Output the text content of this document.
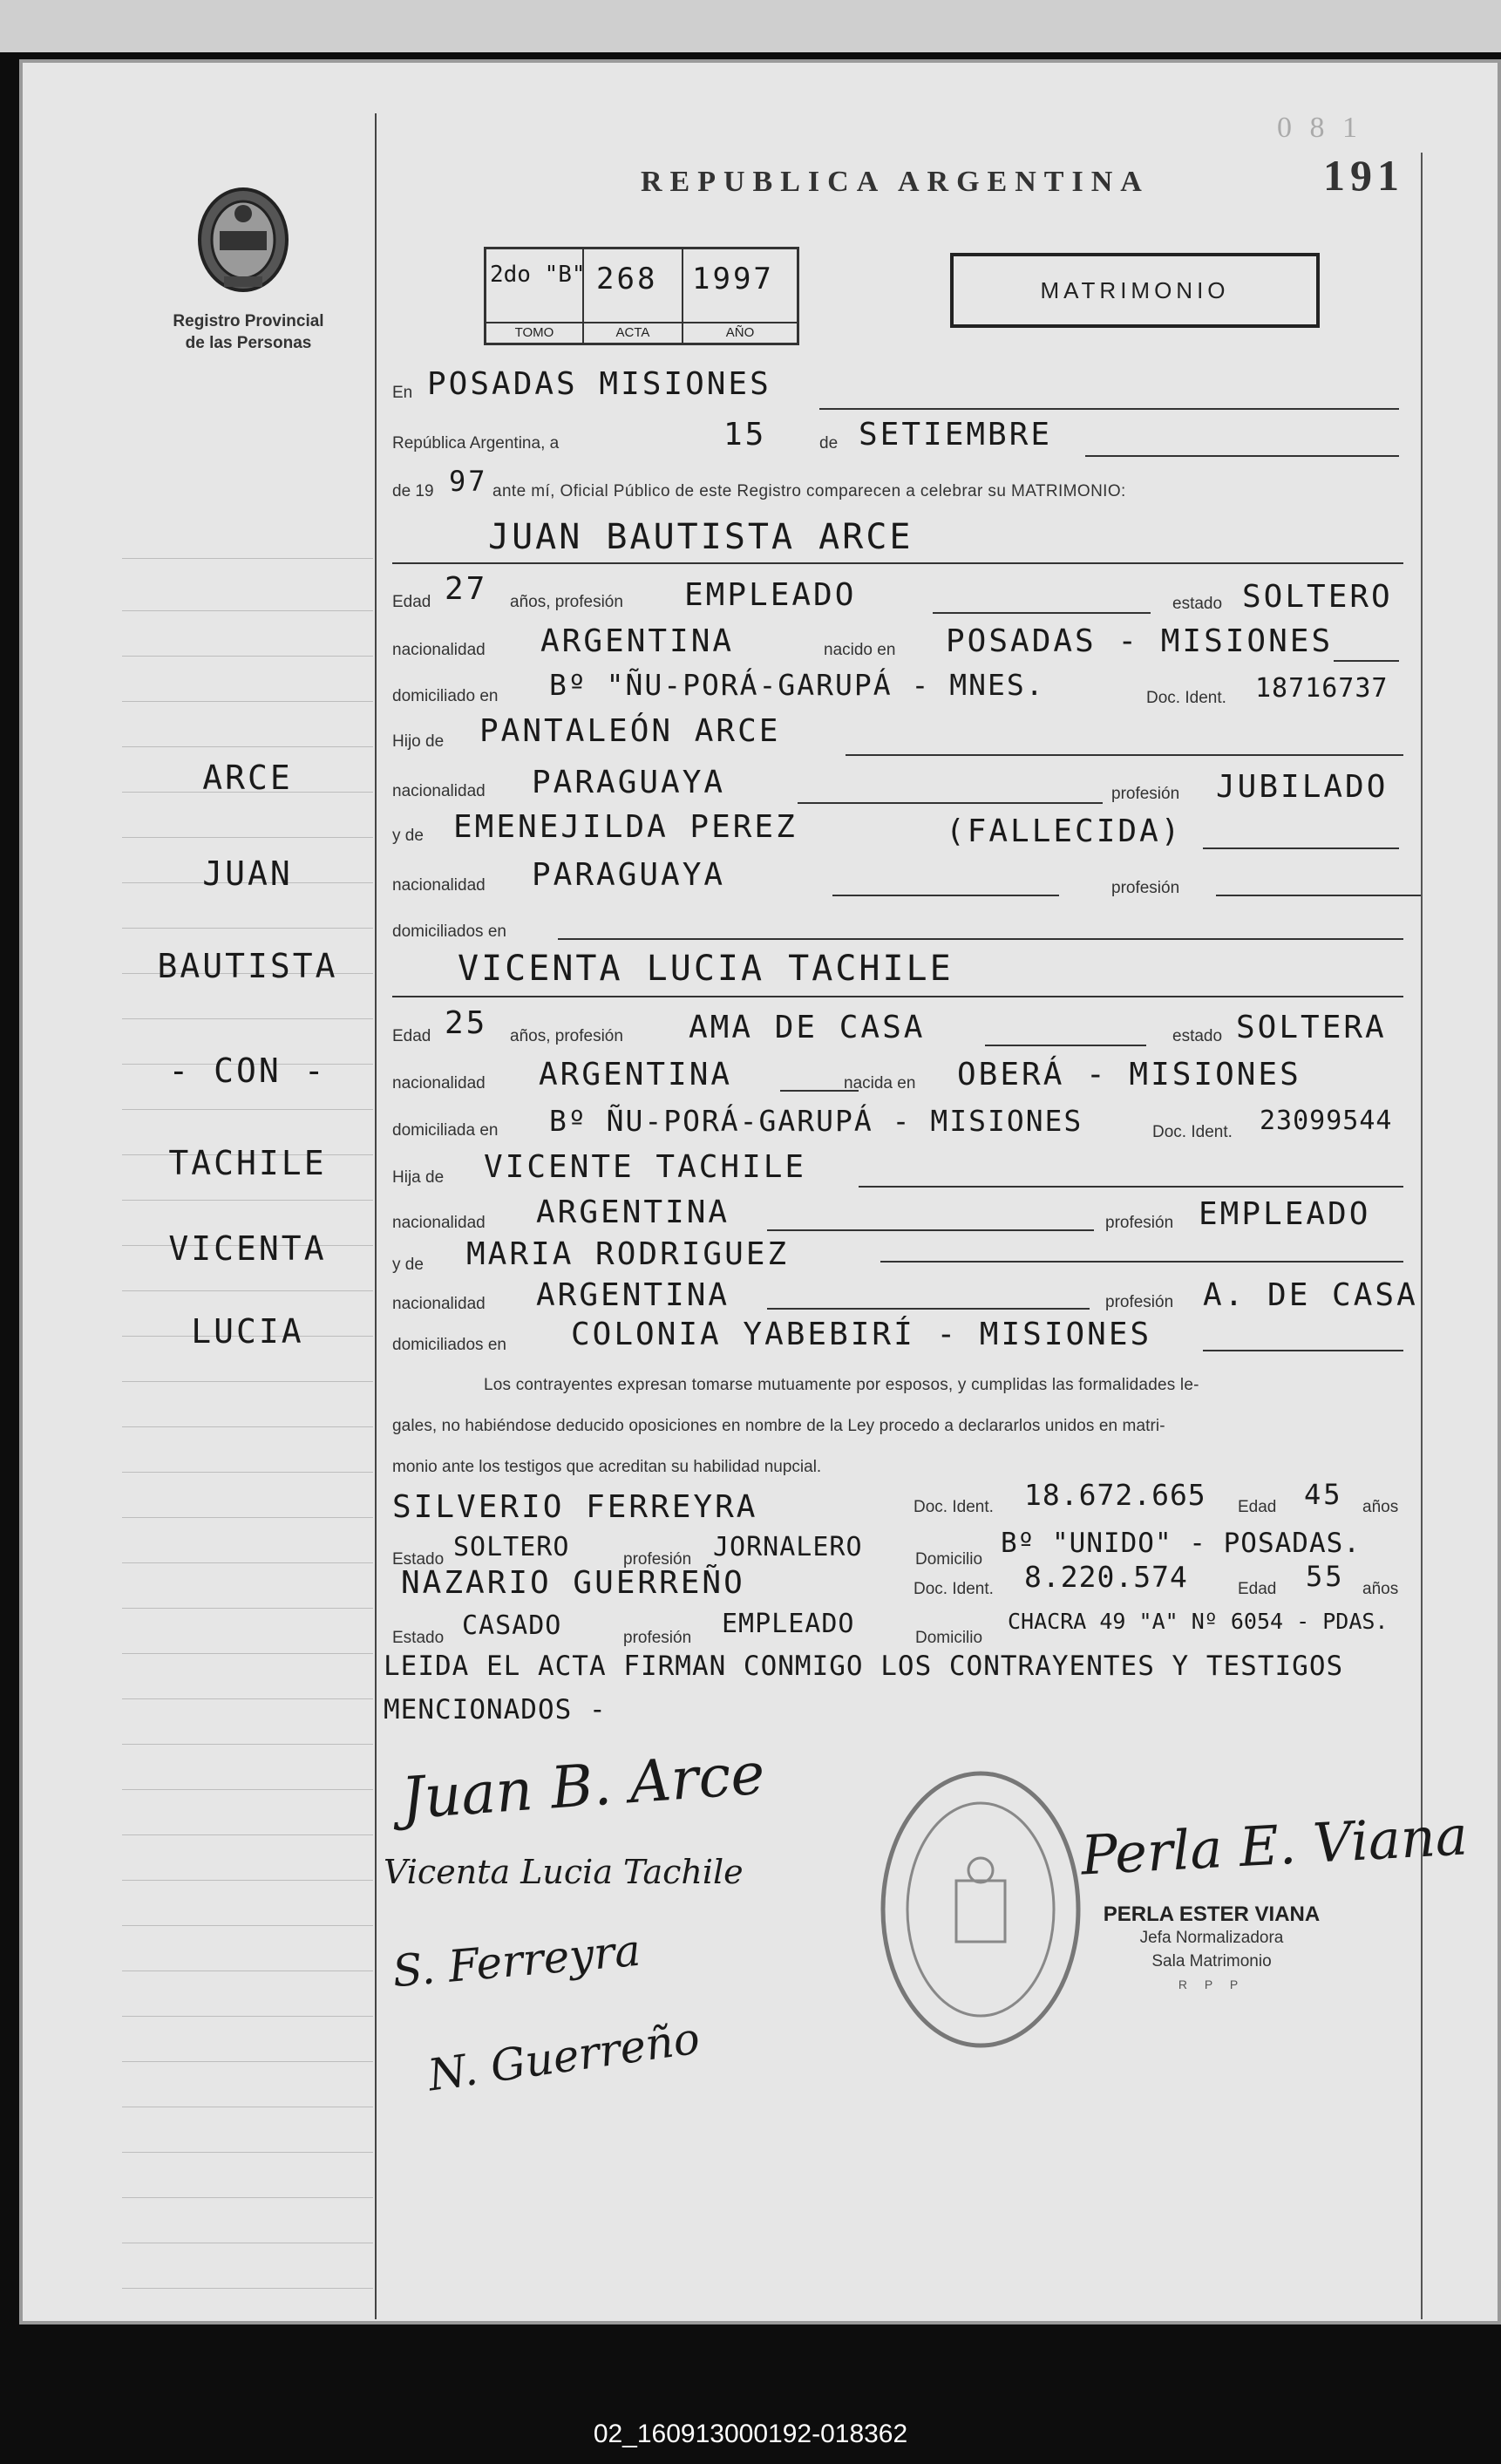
Registro Provincial
de las Personas
REPUBLICA ARGENTINA	191
0 8 1
2do "B"
TOMO
268
ACTA
1997
AÑO
MATRIMONIO
En POSADAS MISIONES
República Argentina, a	15	de SETIEMBRE
de 19 97 ante mí, Oficial Público de este Registro comparecen a celebrar su MATRIMONIO:
JUAN BAUTISTA ARCE
Edad 27 años, profesión EMPLEADO	estado SOLTERO
nacionalidad ARGENTINA	nacido en POSADAS - MISIONES
domiciliado en Bº "ÑU-PORÁ-GARUPÁ - MNES.	Doc. Ident. 18716737
Hijo de PANTALEÓN ARCE
nacionalidad PARAGUAYA	profesión JUBILADO
y de EMENEJILDA PEREZ	(FALLECIDA)
nacionalidad PARAGUAYA	profesión
domiciliados en
VICENTA LUCIA TACHILE
Edad 25 años, profesión AMA DE CASA	estado SOLTERA
nacionalidad ARGENTINA	nacida en OBERÁ - MISIONES
domiciliada en Bº ÑU-PORÁ-GARUPÁ - MISIONES	Doc. Ident. 23099544
Hija de VICENTE TACHILE
nacionalidad ARGENTINA	profesión EMPLEADO
y de MARIA RODRIGUEZ
nacionalidad ARGENTINA	profesión A. DE CASA
domiciliados en COLONIA YABEBIRÍ - MISIONES
Los contrayentes expresan tomarse mutuamente por esposos, y cumplidas las formalidades le-
gales, no habiéndose deducido oposiciones en nombre de la Ley procedo a declararlos unidos en matri-
monio ante los testigos que acreditan su habilidad nupcial.
SILVERIO FERREYRA	Doc. Ident. 18.672.665 Edad 45 años
Estado SOLTERO	profesión JORNALERO	Domicilio
Bº "UNIDO" - POSADAS.
NAZARIO GUERREÑO	Doc. Ident. 8.220.574	Edad 55 años
Estado CASADO	profesión EMPLEADO	Domicilio
CHACRA 49 "A" Nº 6054 - PDAS.
LEIDA EL ACTA FIRMAN CONMIGO LOS CONTRAYENTES Y TESTIGOS
MENCIONADOS -
Juan B. Arce
Vicenta Lucia Tachile
S. Ferreyra
N. Guerreño
Perla E. Viana
PERLA ESTER VIANA
Jefa Normalizadora
Sala Matrimonio
R P P
ARCE
JUAN
BAUTISTA
- CON -
TACHILE
VICENTA
LUCIA
02_160913000192-018362
